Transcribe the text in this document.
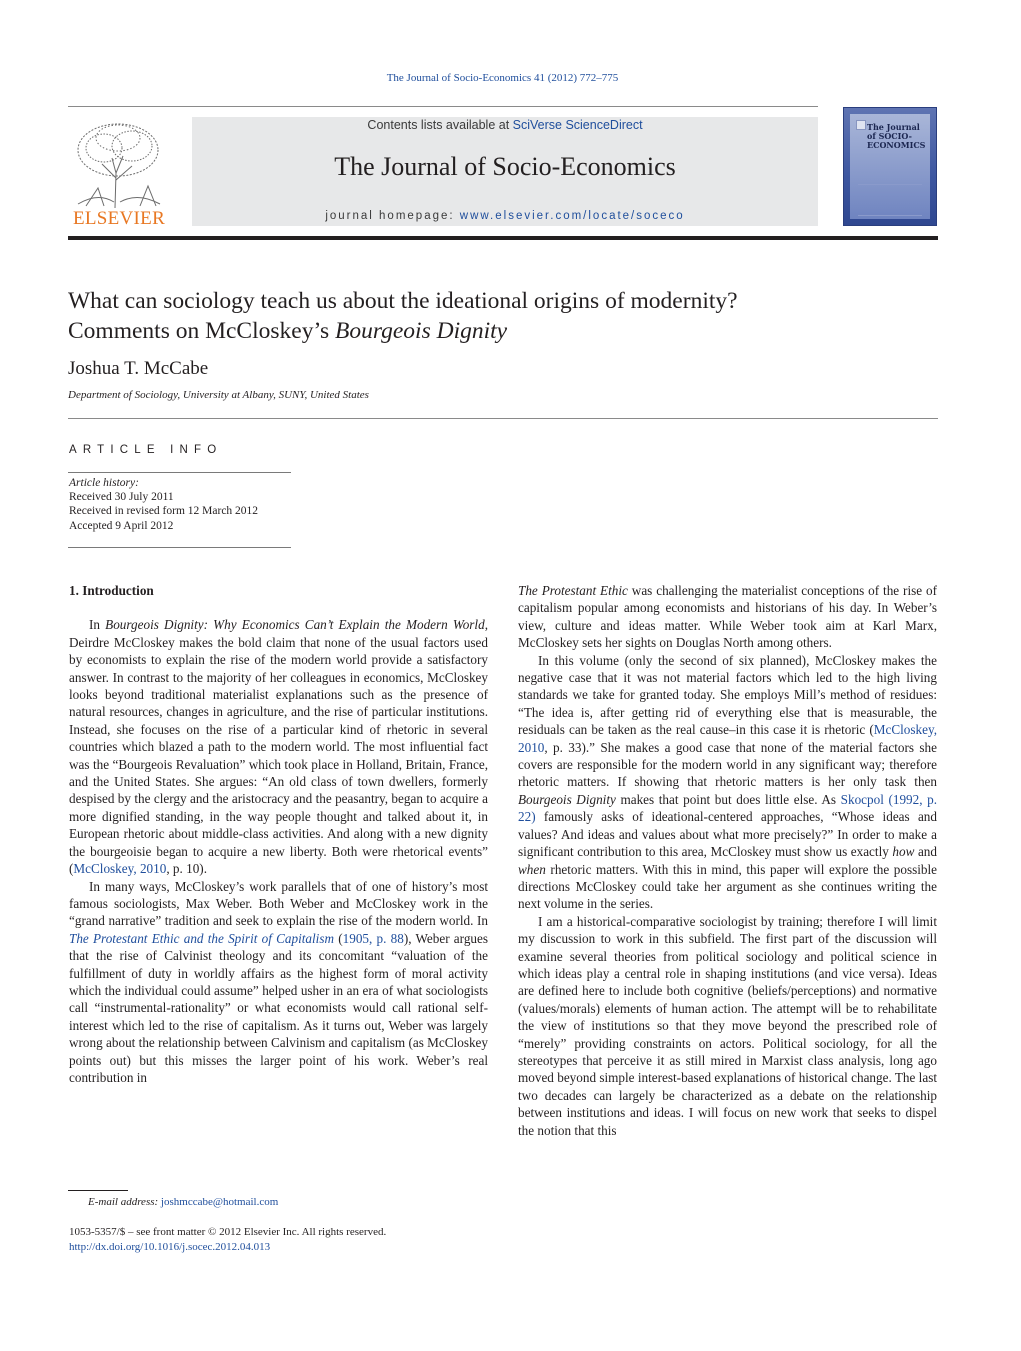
The Journal of Socio-Economics 41 (2012) 772–775
ELSEVIER
Contents lists available at SciVerse ScienceDirect
The Journal of Socio-Economics
journal homepage: www.elsevier.com/locate/soceco
The Journal of SOCIO-ECONOMICS
What can sociology teach us about the ideational origins of modernity?
Comments on McCloskey’s Bourgeois Dignity
Joshua T. McCabe
Department of Sociology, University at Albany, SUNY, United States
ARTICLE INFO
Article history:
Received 30 July 2011
Received in revised form 12 March 2012
Accepted 9 April 2012
1. Introduction

In Bourgeois Dignity: Why Economics Can’t Explain the Modern World, Deirdre McCloskey makes the bold claim that none of the usual factors used by economists to explain the rise of the modern world provide a satisfactory answer. In contrast to the majority of her colleagues in economics, McCloskey looks beyond traditional materialist explanations such as the presence of natural resources, changes in agriculture, and the rise of particular institutions. Instead, she focuses on the rise of a particular kind of rhetoric in several countries which blazed a path to the modern world. The most influential fact was the “Bourgeois Revaluation” which took place in Holland, Britain, France, and the United States. She argues: “An old class of town dwellers, formerly despised by the clergy and the aristocracy and the peasantry, began to acquire a more dignified standing, in the way people thought and talked about it, in European rhetoric about middle-class activities. And along with a new dignity the bourgeoisie began to acquire a new liberty. Both were rhetorical events” (McCloskey, 2010, p. 10).

In many ways, McCloskey’s work parallels that of one of history’s most famous sociologists, Max Weber. Both Weber and McCloskey work in the “grand narrative” tradition and seek to explain the rise of the modern world. In The Protestant Ethic and the Spirit of Capitalism (1905, p. 88), Weber argues that the rise of Calvinist theology and its concomitant “valuation of the fulfillment of duty in worldly affairs as the highest form of moral activity which the individual could assume” helped usher in an era of what sociologists call “instrumental-rationality” or what economists would call rational self-interest which led to the rise of capitalism. As it turns out, Weber was largely wrong about the relationship between Calvinism and capitalism (as McCloskey points out) but this misses the larger point of his work. Weber’s real contribution in

The Protestant Ethic was challenging the materialist conceptions of the rise of capitalism popular among economists and historians of his day. In Weber’s view, culture and ideas matter. While Weber took aim at Karl Marx, McCloskey sets her sights on Douglas North among others.

In this volume (only the second of six planned), McCloskey makes the negative case that it was not material factors which led to the high living standards we take for granted today. She employs Mill’s method of residues: “The idea is, after getting rid of everything else that is measurable, the residuals can be taken as the real cause–in this case it is rhetoric (McCloskey, 2010, p. 33).” She makes a good case that none of the material factors she covers are responsible for the modern world in any significant way; therefore rhetoric matters. If showing that rhetoric matters is her only task then Bourgeois Dignity makes that point but does little else. As Skocpol (1992, p. 22) famously asks of ideational-centered approaches, “Whose ideas and values? And ideas and values about what more precisely?” In order to make a significant contribution to this area, McCloskey must show us exactly how and when rhetoric matters. With this in mind, this paper will explore the possible directions McCloskey could take her argument as she continues writing the next volume in the series.

I am a historical-comparative sociologist by training; therefore I will limit my discussion to work in this subfield. The first part of the discussion will examine several theories from political sociology and political science in which ideas play a central role in shaping institutions (and vice versa). Ideas are defined here to include both cognitive (beliefs/perceptions) and normative (values/morals) elements of human action. The attempt will be to rehabilitate the view of institutions so that they move beyond the prescribed role of “merely” providing constraints on actors. Political sociology, for all the stereotypes that perceive it as still mired in Marxist class analysis, long ago moved beyond simple interest-based explanations of historical change. The last two decades can largely be characterized as a debate on the relationship between institutions and ideas. I will focus on new work that seeks to dispel the notion that this

E-mail address: joshmccabe@hotmail.com
1053-5357/$ – see front matter © 2012 Elsevier Inc. All rights reserved.
http://dx.doi.org/10.1016/j.socec.2012.04.013
